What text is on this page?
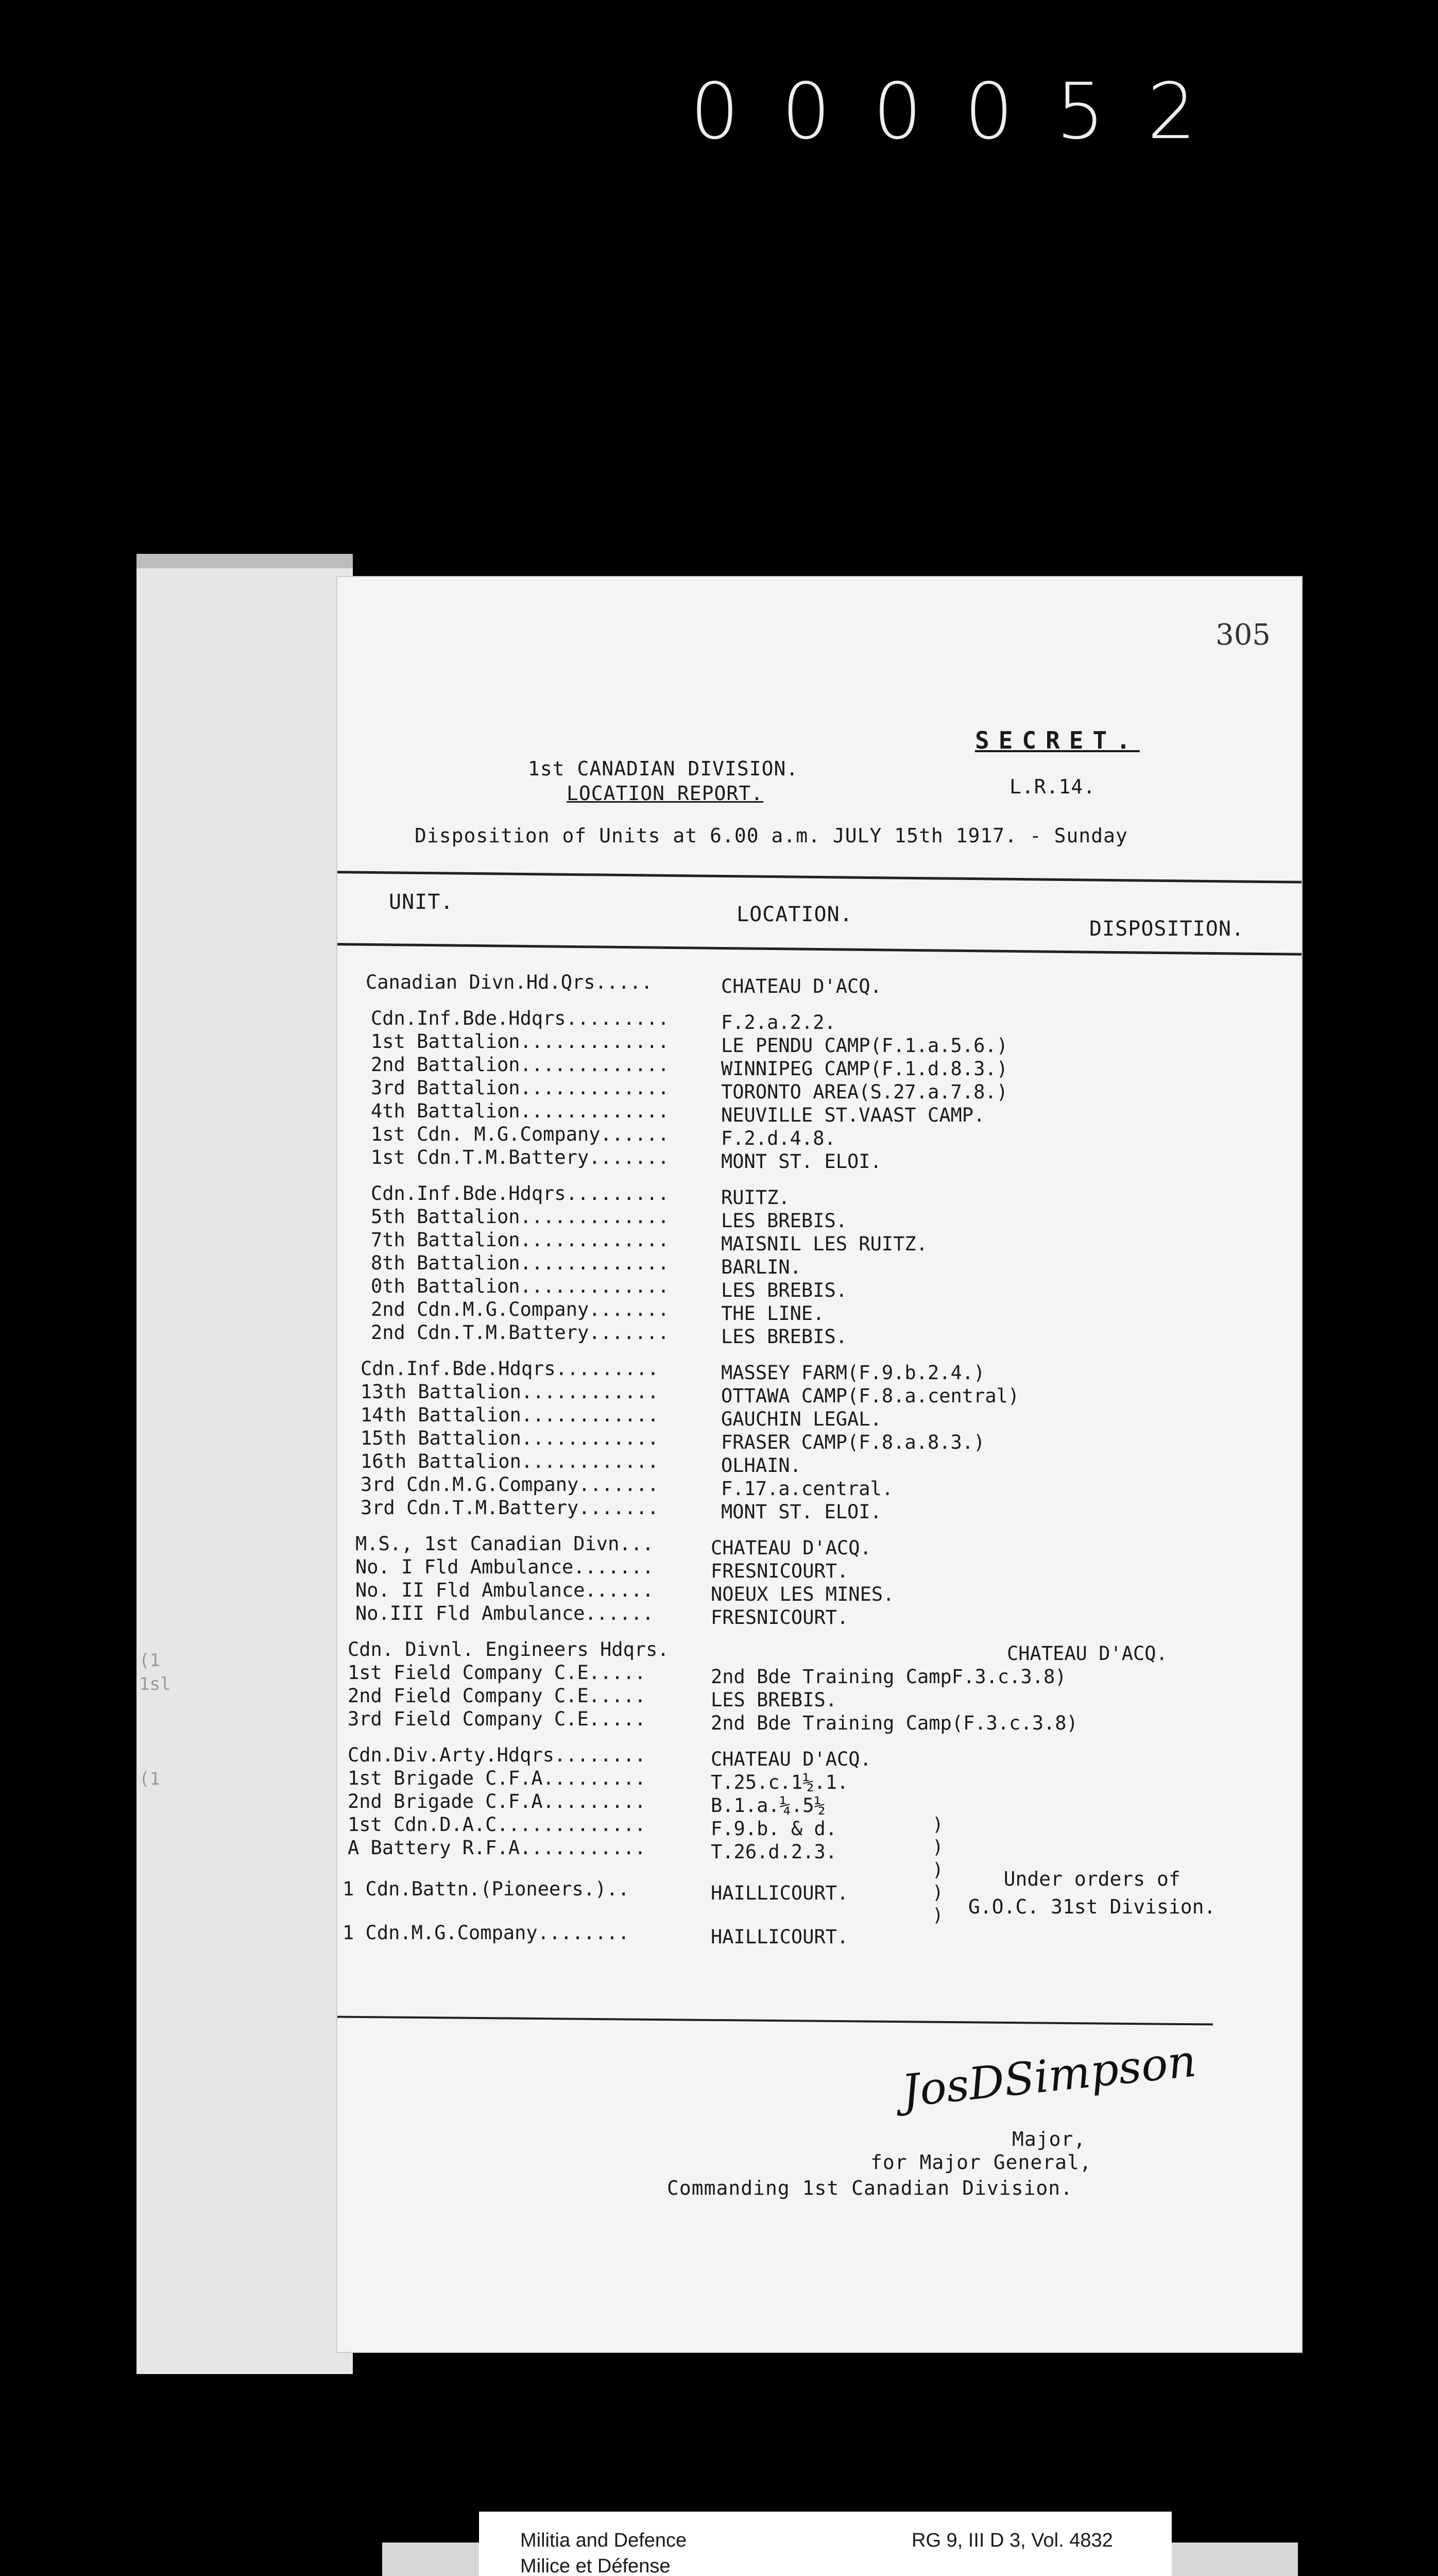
000052
(1
1sl

(1
305
SECRET.
1st CANADIAN DIVISION.
LOCATION REPORT.	L.R.14.
Disposition of Units at 6.00 a.m. JULY 15th 1917. - Sunday
UNIT.
LOCATION.
DISPOSITION.
Canadian Divn.Hd.Qrs.....	CHATEAU D'ACQ.
Cdn.Inf.Bde.Hdqrs.........	F.2.a.2.2.
1st Battalion.............	LE PENDU CAMP(F.1.a.5.6.)
2nd Battalion.............	WINNIPEG CAMP(F.1.d.8.3.)
3rd Battalion.............	TORONTO AREA(S.27.a.7.8.)
4th Battalion.............	NEUVILLE ST.VAAST CAMP.
1st Cdn. M.G.Company......	F.2.d.4.8.
1st Cdn.T.M.Battery.......	MONT ST. ELOI.
Cdn.Inf.Bde.Hdqrs.........	RUITZ.
5th Battalion.............	LES BREBIS.
7th Battalion.............	MAISNIL LES RUITZ.
8th Battalion.............	BARLIN.
0th Battalion.............	LES BREBIS.
2nd Cdn.M.G.Company.......	THE LINE.
2nd Cdn.T.M.Battery.......	LES BREBIS.
Cdn.Inf.Bde.Hdqrs.........	MASSEY FARM(F.9.b.2.4.)
13th Battalion............	OTTAWA CAMP(F.8.a.central)
14th Battalion............	GAUCHIN LEGAL.
15th Battalion............	FRASER CAMP(F.8.a.8.3.)
16th Battalion............	OLHAIN.
3rd Cdn.M.G.Company.......	F.17.a.central.
3rd Cdn.T.M.Battery.......	MONT ST. ELOI.
M.S., 1st Canadian Divn...	CHATEAU D'ACQ.
No. I Fld Ambulance.......	FRESNICOURT.
No. II Fld Ambulance......	NOEUX LES MINES.
No.III Fld Ambulance......	FRESNICOURT.
Cdn. Divnl. Engineers Hdqrs.	CHATEAU D'ACQ.
1st Field Company C.E.....	2nd Bde Training CampF.3.c.3.8)
2nd Field Company C.E.....	LES BREBIS.
3rd Field Company C.E.....	2nd Bde Training Camp(F.3.c.3.8)
Cdn.Div.Arty.Hdqrs........	CHATEAU D'ACQ.
1st Brigade C.F.A.........	T.25.c.1½.1.
2nd Brigade C.F.A.........	B.1.a.¼.5½
1st Cdn.D.A.C.............	F.9.b. & d.
A Battery R.F.A...........	T.26.d.2.3.
1 Cdn.Battn.(Pioneers.)..	HAILLICOURT.
1 Cdn.M.G.Company........	HAILLICOURT.
)
)
)
)
)
Under orders of
G.O.C. 31st Division.
JosDSimpson
Major,
for Major General,
Commanding 1st Canadian Division.
Militia and Defence
Milice et Défense
RG 9, III D 3, Vol. 4832
